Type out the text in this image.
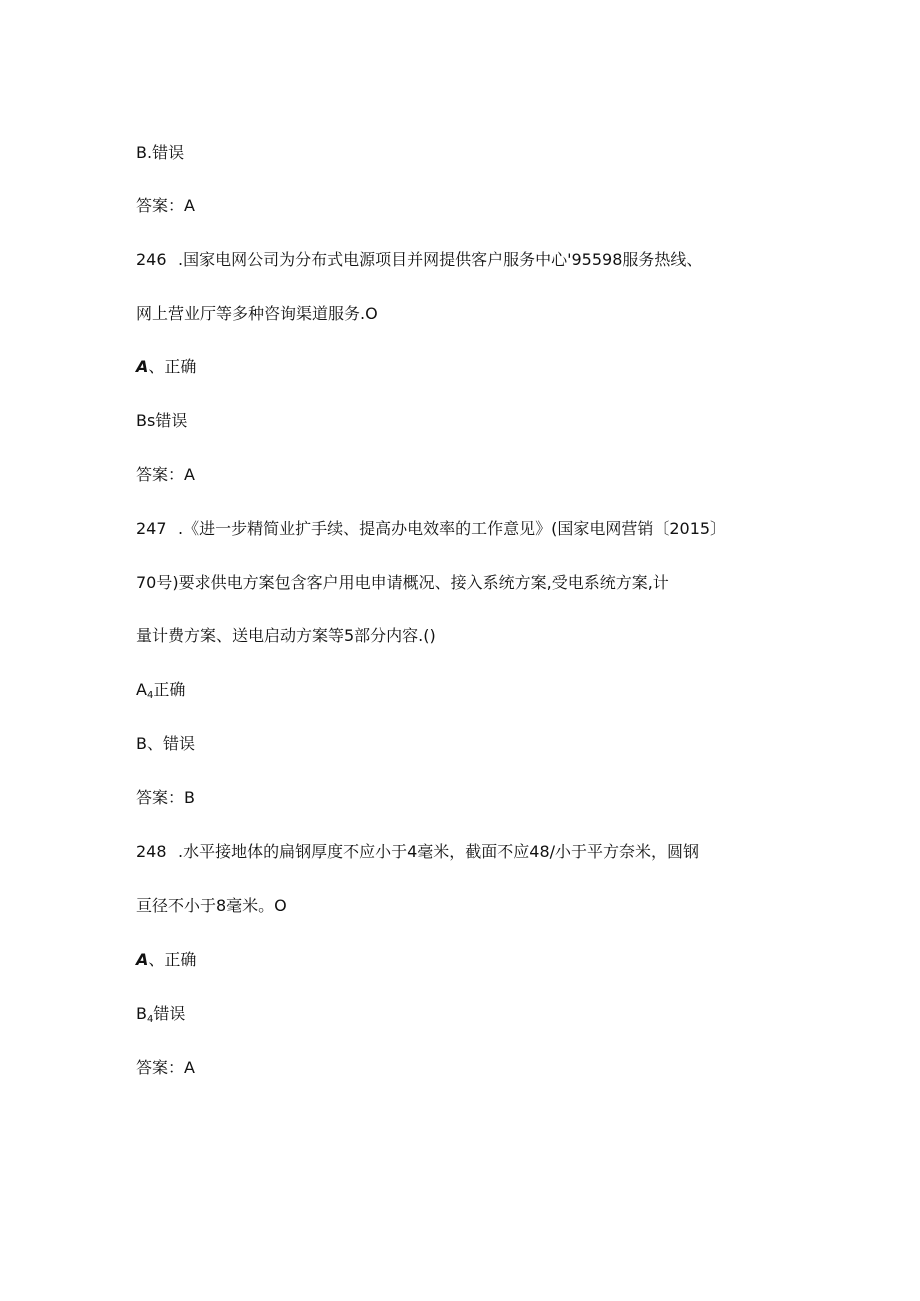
B.错误
答案：A
246 .国家电网公司为分布式电源项目并网提供客户服务中心'95598服务热线、
网上营业厅等多种咨询渠道服务.O
A、正确
Bs错误
答案：A
247 .《进一步精简业扩手续、提高办电效率的工作意见》(国家电网营销〔2015〕
70号)要求供电方案包含客户用电申请概况、接入系统方案,受电系统方案,计
量计费方案、送电启动方案等5部分内容.()
$A_4$正确
B、错误
答案：B
248 .水平接地体的扁钢厚度不应小于4毫米，截面不应48/小于平方奈米，圆钢
亘径不小于8毫米。O
A、正确
$B_4$错误
答案：A
